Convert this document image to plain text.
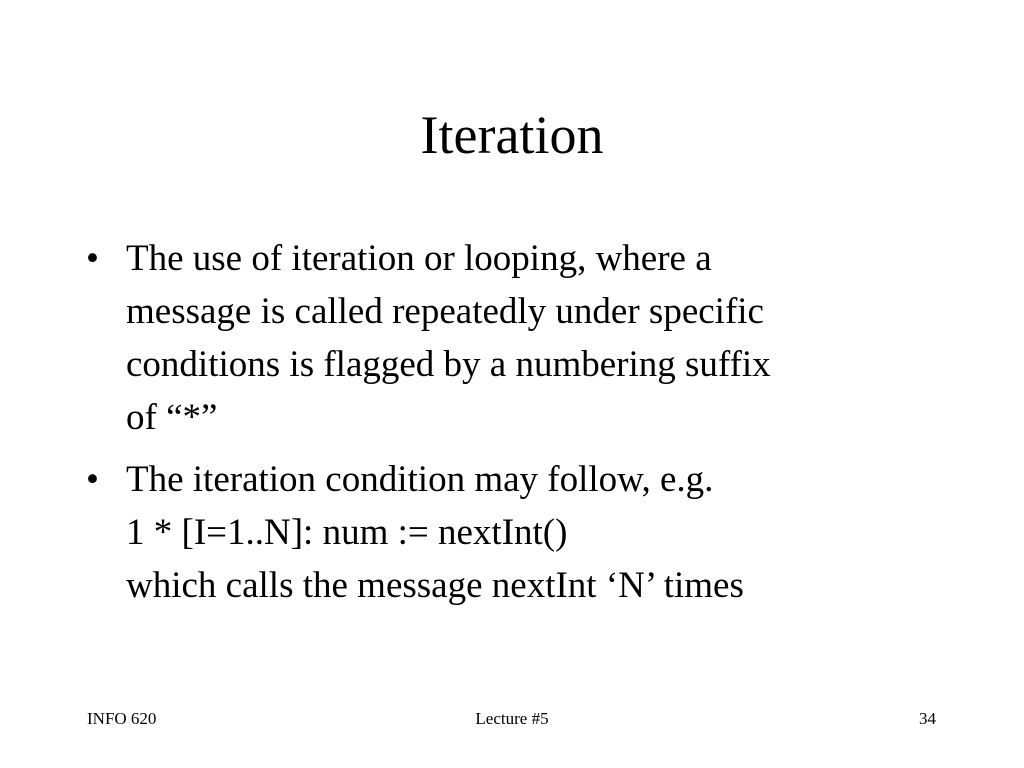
Iteration
• The use of iteration or looping, where a
message is called repeatedly under specific
conditions is flagged by a numbering suffix
of “*”
• The iteration condition may follow, e.g.
1 * [I=1..N]: num := nextInt()
which calls the message nextInt ‘N’ times
INFO 620	Lecture #5	34
